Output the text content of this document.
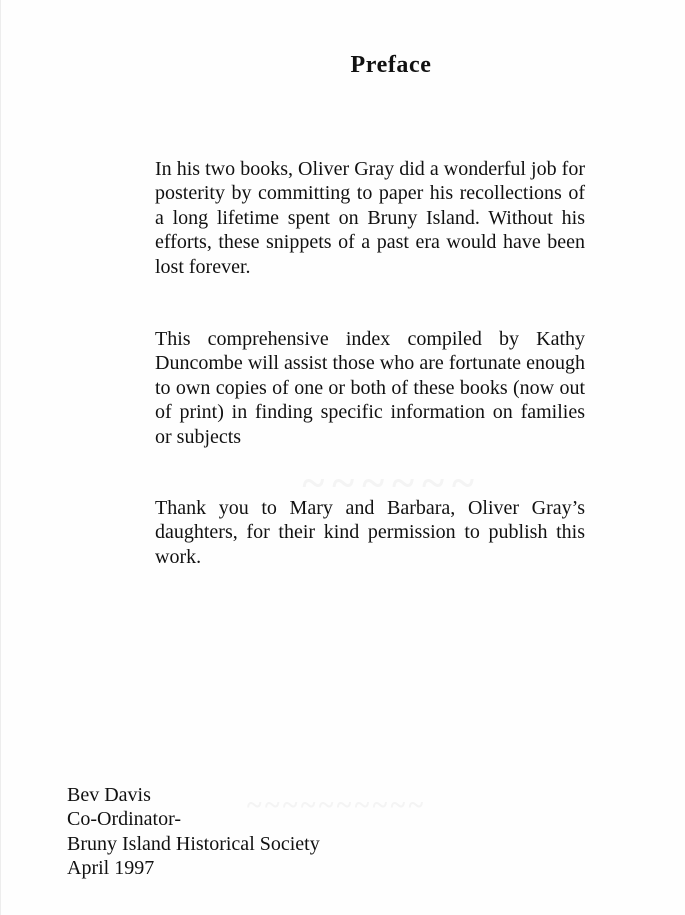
~~~~~~
~~~~~~~~~~
Preface

In his two books, Oliver Gray did a wonderful job for posterity by committing to paper his recollections of a long lifetime spent on Bruny Island. Without his efforts, these snippets of a past era would have been lost forever.

This comprehensive index compiled by Kathy Duncombe will assist those who are fortunate enough to own copies of one or both of these books (now out of print) in finding specific information on families or subjects

Thank you to Mary and Barbara, Oliver Gray’s daughters, for their kind permission to publish this work.

Bev Davis
Co-Ordinator-
Bruny Island Historical Society
April 1997
